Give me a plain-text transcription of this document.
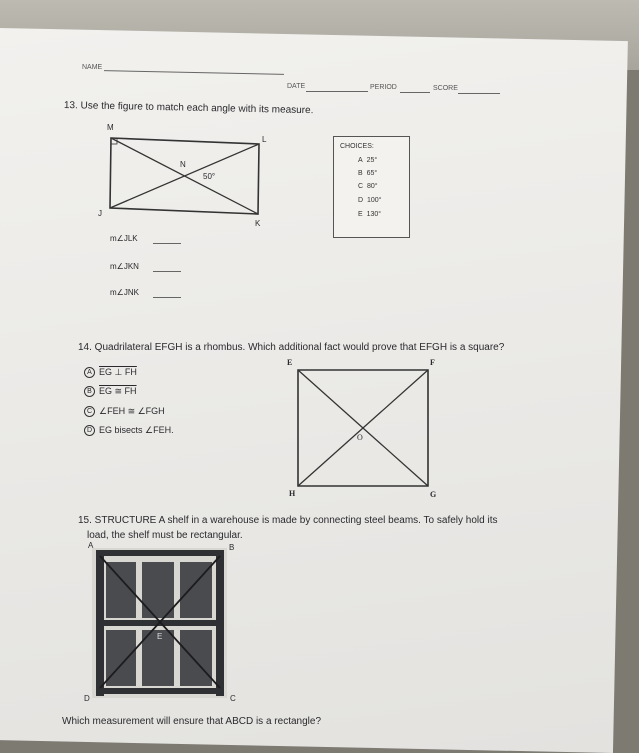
NAME
DATE	PERIOD	SCORE
13. Use the figure to match each angle with its measure.
M
L
N
50°
J
K
m∠JLK
m∠JKN
m∠JNK
CHOICES:
A 25°
B 65°
C 80°
D 100°
E 130°
14. Quadrilateral EFGH is a rhombus. Which additional fact would prove that EFGH is a square?
A EG ⊥ FH
B EG ≅ FH
C ∠FEH ≅ ∠FGH
D EG bisects ∠FEH.
E	F
G
H
O
15. STRUCTURE A shelf in a warehouse is made by connecting steel beams. To safely hold its
load, the shelf must be rectangular.
A	B
C
D
E
Which measurement will ensure that ABCD is a rectangle?
